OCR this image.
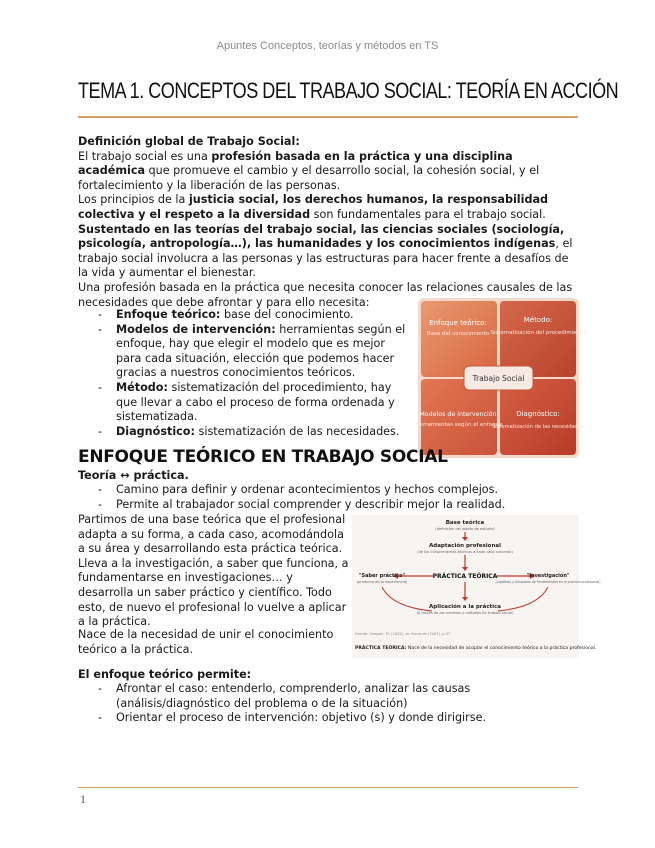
Apuntes Conceptos, teorías y métodos en TS
TEMA 1. CONCEPTOS DEL TRABAJO SOCIAL: TEORÍA EN ACCIÓN
Definición global de Trabajo Social:
El trabajo social es una profesión basada en la práctica y una disciplina académica que promueve el cambio y el desarrollo social, la cohesión social, y el fortalecimiento y la liberación de las personas.
Los principios de la justicia social, los derechos humanos, la responsabilidad colectiva y el respeto a la diversidad son fundamentales para el trabajo social.
Sustentado en las teorías del trabajo social, las ciencias sociales (sociología, psicología, antropología…), las humanidades y los conocimientos indígenas, el trabajo social involucra a las personas y las estructuras para hacer frente a desafíos de la vida y aumentar el bienestar.
Una profesión basada en la práctica que necesita conocer las relaciones causales de las necesidades que debe afrontar y para ello necesita:
- Enfoque teórico: base del conocimiento.
- Modelos de intervención: herramientas según el enfoque, hay que elegir el modelo que es mejor para cada situación, elección que podemos hacer gracias a nuestros conocimientos teóricos.
- Método: sistematización del procedimiento, hay que llevar a cabo el proceso de forma ordenada y sistematizada.
- Diagnóstico: sistematización de las necesidades.
Enfoque teórico:
Base del conocimiento
Método:
Sistematización del procedimiento
Modelos de intervención:
Herramientas según el enfoque
Diagnóstico:
Sistematización de las necesidades
Trabajo Social
ENFOQUE TEÓRICO EN TRABAJO SOCIAL
Teoría ↔ práctica.
- Camino para definir y ordenar acontecimientos y hechos complejos.
- Permite al trabajador social comprender y describir mejor la realidad.
Partimos de una base teórica que el profesional adapta a su forma, a cada caso, acomodándola a su área y desarrollando esta práctica teórica. Lleva a la investigación, a saber que funciona, a fundamentarse en investigaciones… y desarrolla un saber práctico y científico. Todo esto, de nuevo el profesional lo vuelve a aplicar a la práctica.
Nace de la necesidad de unir el conocimiento teórico a la práctica.
Base teórica
(definición del objeto de estudio)
Adaptación profesional
(de los conocimientos teóricos a cada caso concreto)
PRÁCTICA TEÓRICA
"Saber práctico"
(producto de la experiencia)
"Investigación"
(hipótesis y búsqueda de fundamentos en la práctica profesional)
Aplicación a la práctica
(a través de los modelos y métodos de trabajo social)
Fuente: Gaspari, M. (2002), en Viscarret (2007), p.37
PRÁCTICA TEÓRICA: Nace de la necesidad de acoplar el conocimiento teórico a la práctica profesional.
El enfoque teórico permite:
- Afrontar el caso: entenderlo, comprenderlo, analizar las causas (análisis/diagnóstico del problema o de la situación)
- Orientar el proceso de intervención: objetivo (s) y donde dirigirse.
1
